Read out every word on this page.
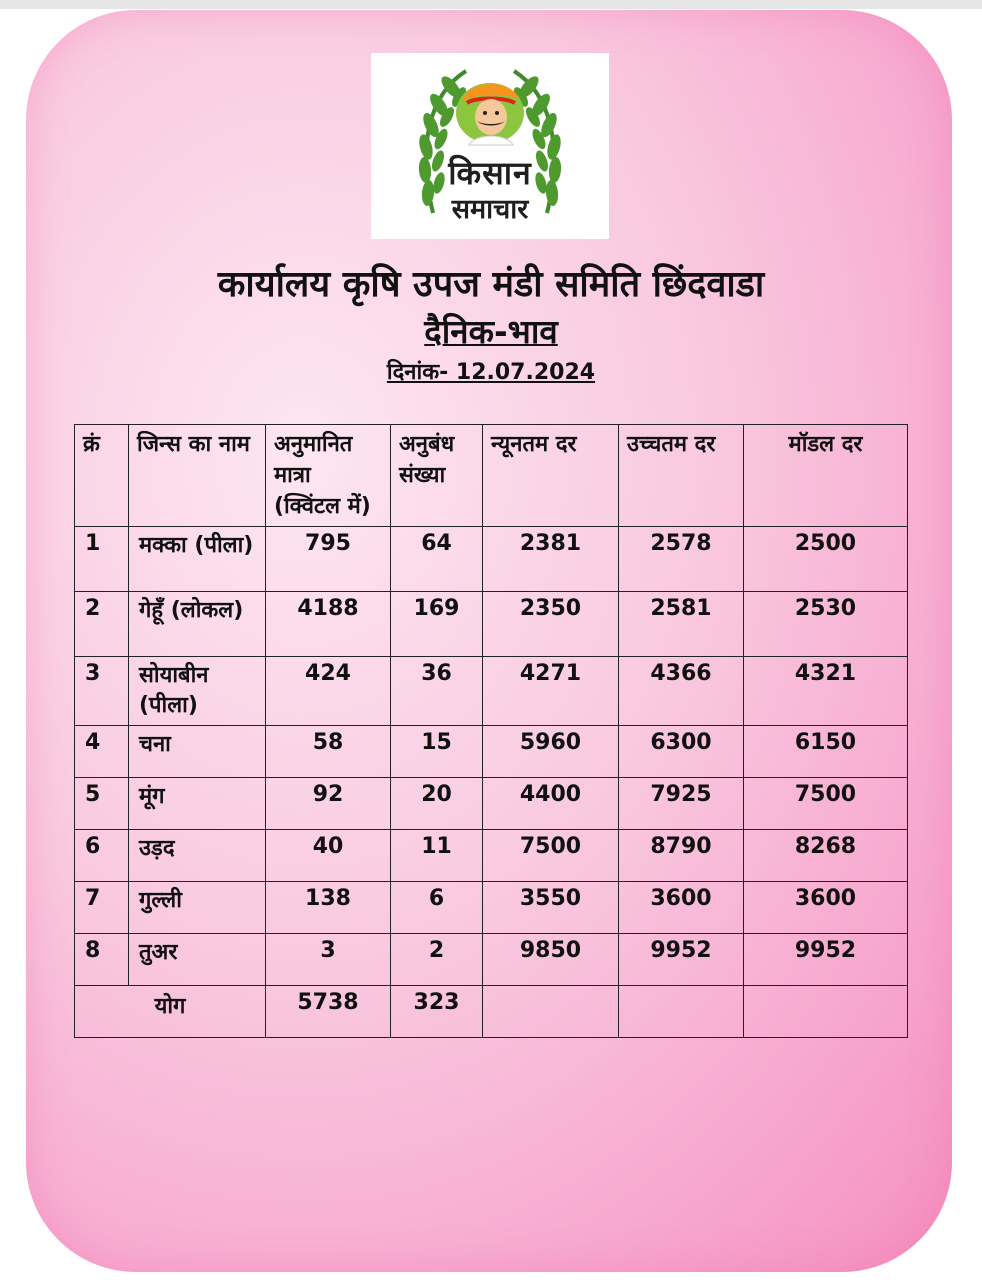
किसान
समाचार
कार्यालय कृषि उपज मंडी समिति छिंदवाडा
दैनिक-भाव
दिनांक- 12.07.2024
क्रं	जिन्स का नाम	अनुमानित मात्रा (क्विंटल में)	अनुबंध संख्या	न्यूनतम दर	उच्चतम दर	मॉडल दर
1	मक्का (पीला)	795	64	2381	2578	2500
2	गेहूँ (लोकल)	4188	169	2350	2581	2530
3	सोयाबीन (पीला)	424	36	4271	4366	4321
4	चना	58	15	5960	6300	6150
5	मूंग	92	20	4400	7925	7500
6	उड़द	40	11	7500	8790	8268
7	गुल्ली	138	6	3550	3600	3600
8	तुअर	3	2	9850	9952	9952
योग		5738	323			
